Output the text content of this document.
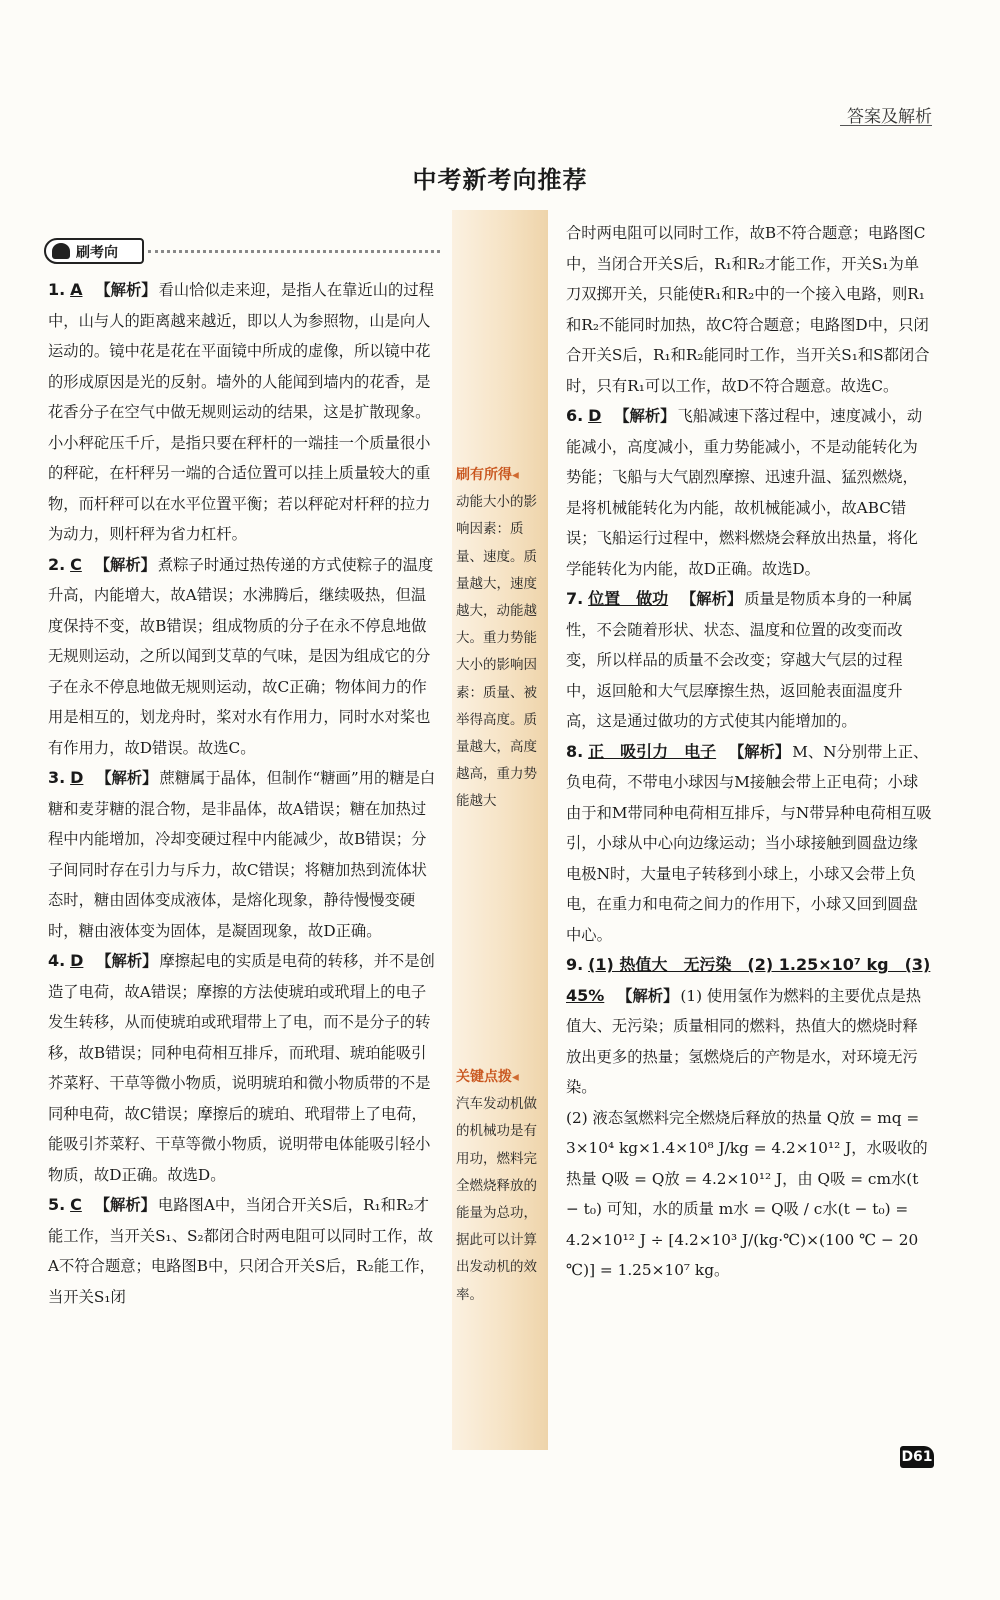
答案及解析
中考新考向推荐
刷考向

1. A 【解析】 看山恰似走来迎，是指人在靠近山的过程中，山与人的距离越来越近，即以人为参照物，山是向人运动的。镜中花是花在平面镜中所成的虚像，所以镜中花的形成原因是光的反射。墙外的人能闻到墙内的花香，是花香分子在空气中做无规则运动的结果，这是扩散现象。小小秤砣压千斤，是指只要在秤杆的一端挂一个质量很小的秤砣，在杆秤另一端的合适位置可以挂上质量较大的重物，而杆秤可以在水平位置平衡；若以秤砣对杆秤的拉力为动力，则杆秤为省力杠杆。

2. C 【解析】 煮粽子时通过热传递的方式使粽子的温度升高，内能增大，故A错误；水沸腾后，继续吸热，但温度保持不变，故B错误；组成物质的分子在永不停息地做无规则运动，之所以闻到艾草的气味，是因为组成它的分子在永不停息地做无规则运动，故C正确；物体间力的作用是相互的，划龙舟时，桨对水有作用力，同时水对桨也有作用力，故D错误。故选C。

3. D 【解析】 蔗糖属于晶体，但制作“糖画”用的糖是白糖和麦芽糖的混合物，是非晶体，故A错误；糖在加热过程中内能增加，冷却变硬过程中内能减少，故B错误；分子间同时存在引力与斥力，故C错误；将糖加热到流体状态时，糖由固体变成液体，是熔化现象，静待慢慢变硬时，糖由液体变为固体，是凝固现象，故D正确。

4. D 【解析】 摩擦起电的实质是电荷的转移，并不是创造了电荷，故A错误；摩擦的方法使琥珀或玳瑁上的电子发生转移，从而使琥珀或玳瑁带上了电，而不是分子的转移，故B错误；同种电荷相互排斥，而玳瑁、琥珀能吸引芥菜籽、干草等微小物质，说明琥珀和微小物质带的不是同种电荷，故C错误；摩擦后的琥珀、玳瑁带上了电荷，能吸引芥菜籽、干草等微小物质，说明带电体能吸引轻小物质，故D正确。故选D。

5. C 【解析】 电路图A中，当闭合开关S后，R₁和R₂才能工作，当开关S₁、S₂都闭合时两电阻可以同时工作，故A不符合题意；电路图B中，只闭合开关S后，R₂能工作，当开关S₁闭

刷有所得◂
动能大小的影响因素：质量、速度。质量越大，速度越大，动能越大。重力势能大小的影响因素：质量、被举得高度。质量越大，高度越高，重力势能越大
关键点拨◂
汽车发动机做的机械功是有用功，燃料完全燃烧释放的能量为总功，据此可以计算出发动机的效率。

合时两电阻可以同时工作，故B不符合题意；电路图C中，当闭合开关S后，R₁和R₂才能工作，开关S₁为单刀双掷开关，只能使R₁和R₂中的一个接入电路，则R₁和R₂不能同时加热，故C符合题意；电路图D中，只闭合开关S后，R₁和R₂能同时工作，当开关S₁和S都闭合时，只有R₁可以工作，故D不符合题意。故选C。

6. D 【解析】 飞船减速下落过程中，速度减小，动能减小，高度减小，重力势能减小，不是动能转化为势能；飞船与大气剧烈摩擦、迅速升温、猛烈燃烧，是将机械能转化为内能，故机械能减小，故ABC错误；飞船运行过程中，燃料燃烧会释放出热量，将化学能转化为内能，故D正确。故选D。

7. 位置　做功 【解析】 质量是物质本身的一种属性，不会随着形状、状态、温度和位置的改变而改变，所以样品的质量不会改变；穿越大气层的过程中，返回舱和大气层摩擦生热，返回舱表面温度升高，这是通过做功的方式使其内能增加的。

8. 正　吸引力　电子 【解析】 M、N分别带上正、负电荷，不带电小球因与M接触会带上正电荷；小球由于和M带同种电荷相互排斥，与N带异种电荷相互吸引，小球从中心向边缘运动；当小球接触到圆盘边缘电极N时，大量电子转移到小球上，小球又会带上负电，在重力和电荷之间力的作用下，小球又回到圆盘中心。

9. (1) 热值大　无污染　(2) 1.25×10⁷ kg　(3) 45% 【解析】 (1) 使用氢作为燃料的主要优点是热值大、无污染；质量相同的燃料，热值大的燃烧时释放出更多的热量；氢燃烧后的产物是水，对环境无污染。

(2) 液态氢燃料完全燃烧后释放的热量 Q放 = mq = 3×10⁴ kg×1.4×10⁸ J/kg = 4.2×10¹² J，水吸收的热量 Q吸 = Q放 = 4.2×10¹² J，由 Q吸 = cm水(t − t₀) 可知，水的质量 m水 = Q吸 / c水(t − t₀) =

4.2×10¹² J ÷ [4.2×10³ J/(kg·℃)×(100 ℃ − 20 ℃)] = 1.25×10⁷ kg。

D61
